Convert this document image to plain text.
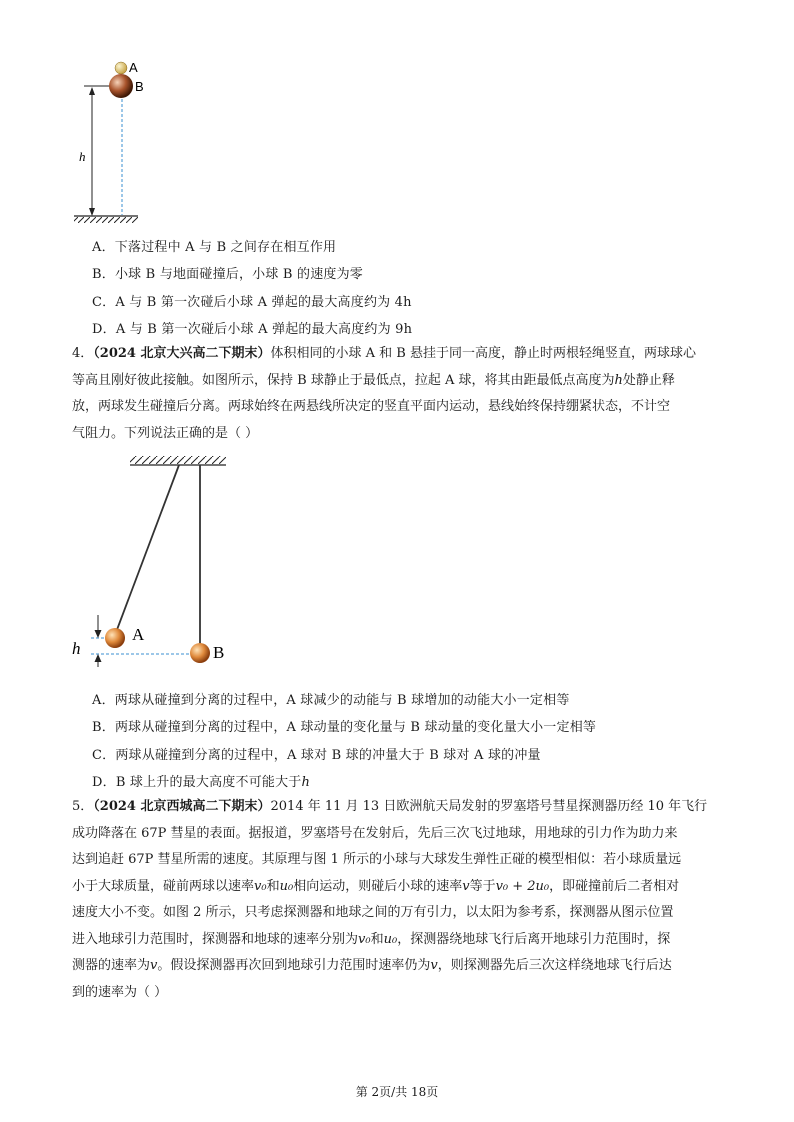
A
B
h
A．下落过程中 A 与 B 之间存在相互作用
B．小球 B 与地面碰撞后，小球 B 的速度为零
C．A 与 B 第一次碰后小球 A 弹起的最大高度约为 4h
D．A 与 B 第一次碰后小球 A 弹起的最大高度约为 9h
4．（2024 北京大兴高二下期末）体积相同的小球 A 和 B 悬挂于同一高度，静止时两根轻绳竖直，两球球心
等高且刚好彼此接触。如图所示，保持 B 球静止于最低点，拉起 A 球，将其由距最低点高度为h处静止释
放，两球发生碰撞后分离。两球始终在两悬线所决定的竖直平面内运动，悬线始终保持绷紧状态，不计空
气阻力。下列说法正确的是（ ）
A
B
h
A．两球从碰撞到分离的过程中，A 球减少的动能与 B 球增加的动能大小一定相等
B．两球从碰撞到分离的过程中，A 球动量的变化量与 B 球动量的变化量大小一定相等
C．两球从碰撞到分离的过程中，A 球对 B 球的冲量大于 B 球对 A 球的冲量
D．B 球上升的最大高度不可能大于h
5．（2024 北京西城高二下期末）2014 年 11 月 13 日欧洲航天局发射的罗塞塔号彗星探测器历经 10 年飞行
成功降落在 67P 彗星的表面。据报道，罗塞塔号在发射后，先后三次飞过地球，用地球的引力作为助力来
达到追赶 67P 彗星所需的速度。其原理与图 1 所示的小球与大球发生弹性正碰的模型相似：若小球质量远
小于大球质量，碰前两球以速率v₀和u₀相向运动，则碰后小球的速率v等于v₀ + 2u₀，即碰撞前后二者相对
速度大小不变。如图 2 所示，只考虑探测器和地球之间的万有引力，以太阳为参考系，探测器从图示位置
进入地球引力范围时，探测器和地球的速率分别为v₀和u₀，探测器绕地球飞行后离开地球引力范围时，探
测器的速率为v。假设探测器再次回到地球引力范围时速率仍为v，则探测器先后三次这样绕地球飞行后达
到的速率为（ ）
第 2页/共 18页
